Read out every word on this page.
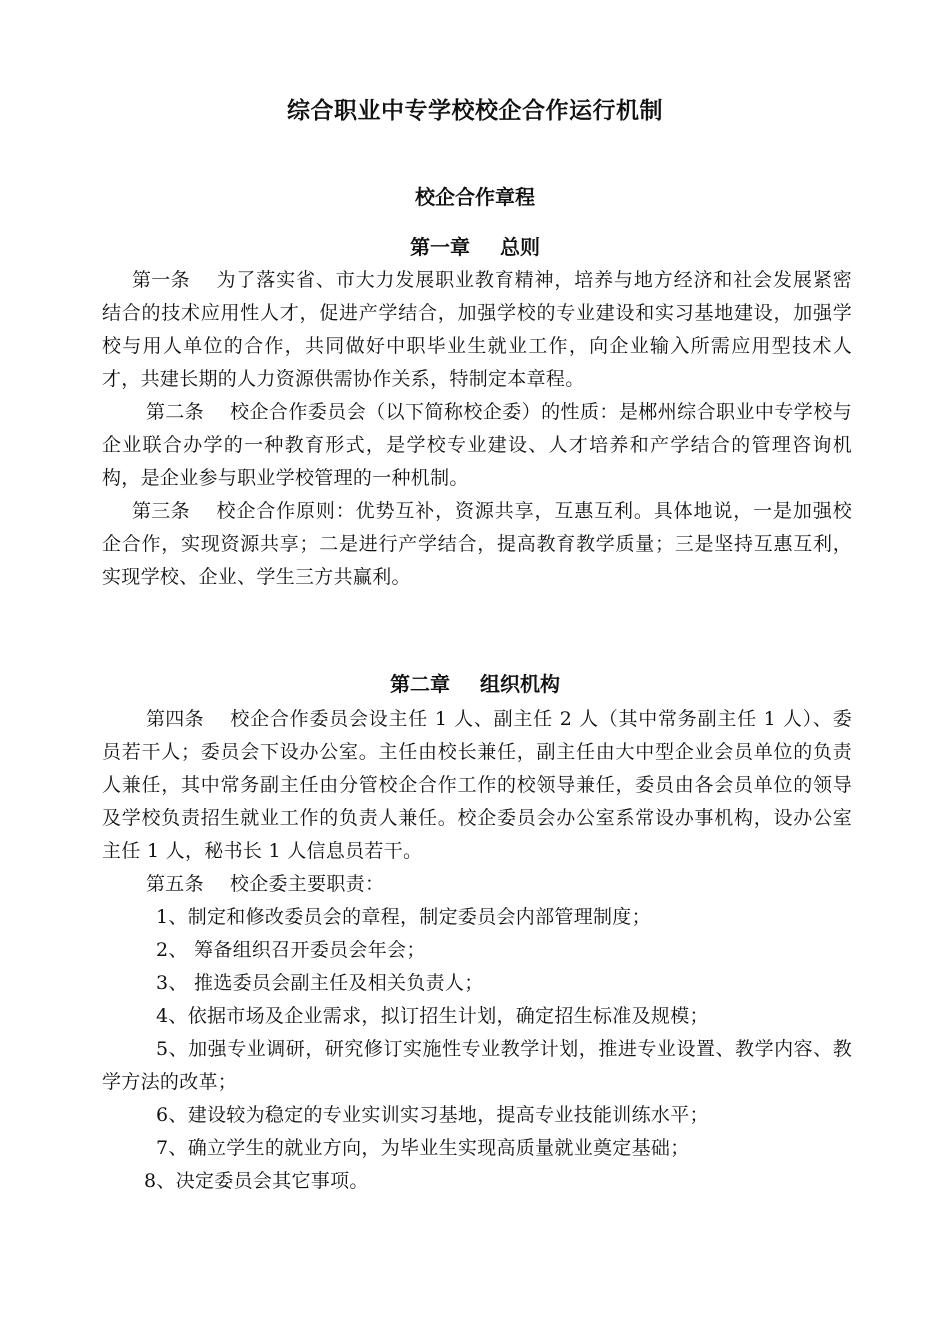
综合职业中专学校校企合作运行机制
校企合作章程
第一章 总则

第一条 为了落实省、市大力发展职业教育精神，培养与地方经济和社会发展紧密结合的技术应用性人才，促进产学结合，加强学校的专业建设和实习基地建设，加强学校与用人单位的合作，共同做好中职毕业生就业工作，向企业输入所需应用型技术人才，共建长期的人力资源供需协作关系，特制定本章程。

第二条 校企合作委员会（以下简称校企委）的性质：是郴州综合职业中专学校与企业联合办学的一种教育形式，是学校专业建设、人才培养和产学结合的管理咨询机构，是企业参与职业学校管理的一种机制。

第三条 校企合作原则：优势互补，资源共享，互惠互利。具体地说，一是加强校企合作，实现资源共享；二是进行产学结合，提高教育教学质量；三是坚持互惠互利，实现学校、企业、学生三方共赢利。

第二章 组织机构

第四条 校企合作委员会设主任 1 人、副主任 2 人（其中常务副主任 1 人）、委员若干人；委员会下设办公室。主任由校长兼任，副主任由大中型企业会员单位的负责人兼任，其中常务副主任由分管校企合作工作的校领导兼任，委员由各会员单位的领导及学校负责招生就业工作的负责人兼任。校企委员会办公室系常设办事机构，设办公室主任 1 人，秘书长 1 人信息员若干。

第五条 校企委主要职责：

1、制定和修改委员会的章程，制定委员会内部管理制度；

2、 筹备组织召开委员会年会；

3、 推选委员会副主任及相关负责人；

4、依据市场及企业需求，拟订招生计划，确定招生标准及规模；

5、加强专业调研，研究修订实施性专业教学计划，推进专业设置、教学内容、教学方法的改革；

6、建设较为稳定的专业实训实习基地，提高专业技能训练水平；

7、确立学生的就业方向，为毕业生实现高质量就业奠定基础；

8、决定委员会其它事项。
